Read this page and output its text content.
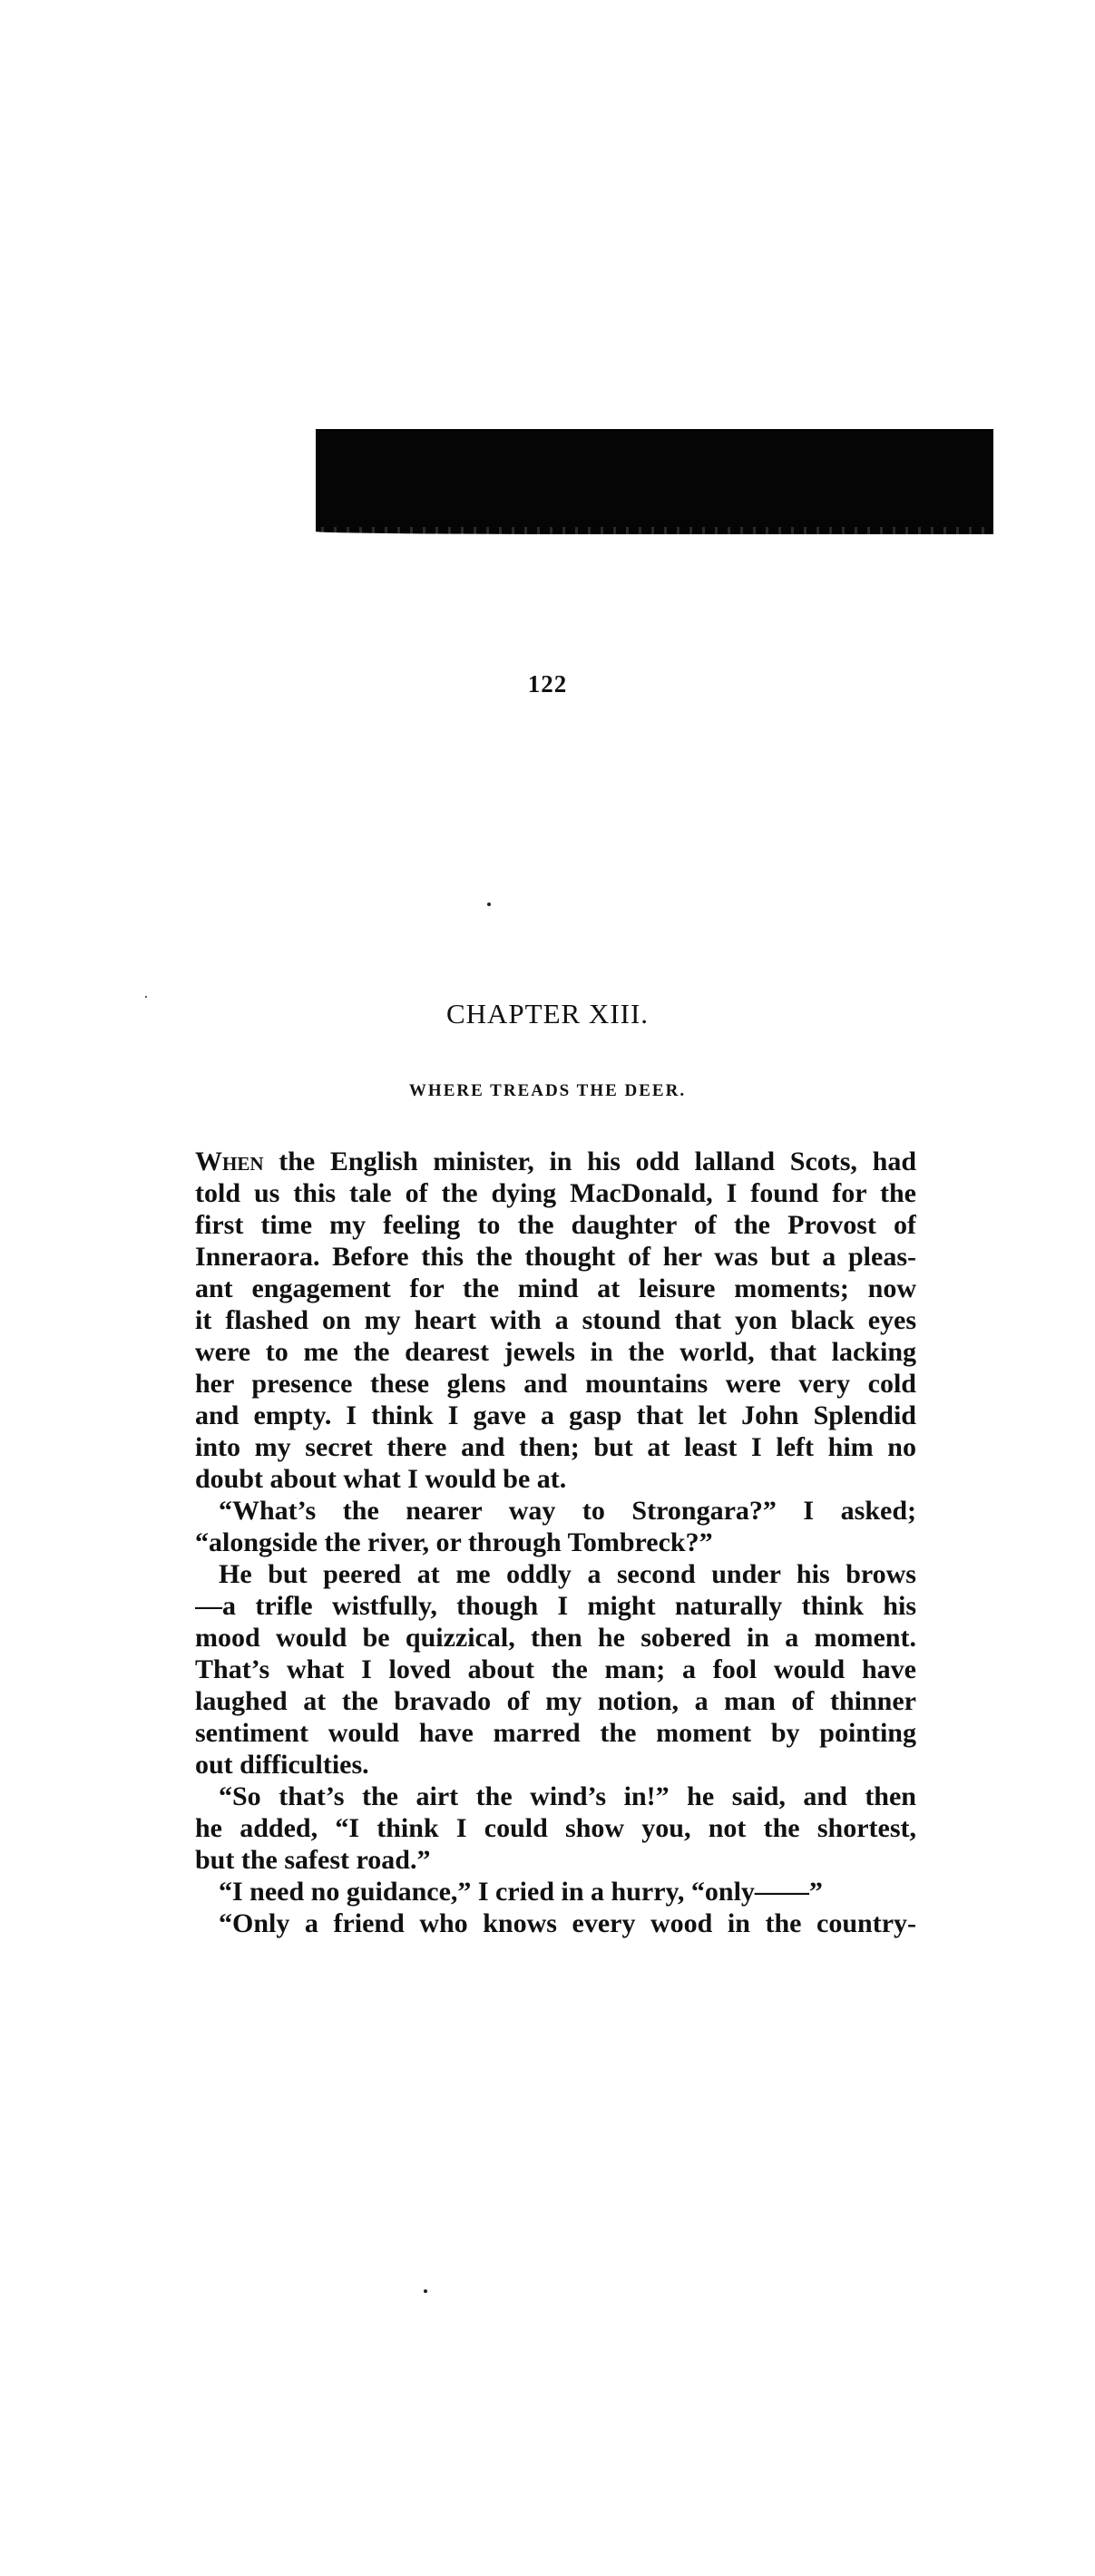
122
CHAPTER XIII.
WHERE TREADS THE DEER.
When the English minister, in his odd lalland Scots, had
told us this tale of the dying MacDonald, I found for the
first time my feeling to the daughter of the Provost of
Inneraora. Before this the thought of her was but a pleas-
ant engagement for the mind at leisure moments; now
it flashed on my heart with a stound that yon black eyes
were to me the dearest jewels in the world, that lacking
her presence these glens and mountains were very cold
and empty. I think I gave a gasp that let John Splendid
into my secret there and then; but at least I left him no
doubt about what I would be at.
“What’s the nearer way to Strongara?” I asked;
“alongside the river, or through Tombreck?”
He but peered at me oddly a second under his brows
—a trifle wistfully, though I might naturally think his
mood would be quizzical, then he sobered in a moment.
That’s what I loved about the man; a fool would have
laughed at the bravado of my notion, a man of thinner
sentiment would have marred the moment by pointing
out difficulties.
“So that’s the airt the wind’s in!” he said, and then
he added, “I think I could show you, not the shortest,
but the safest road.”
“I need no guidance,” I cried in a hurry, “only——”
“Only a friend who knows every wood in the country-
